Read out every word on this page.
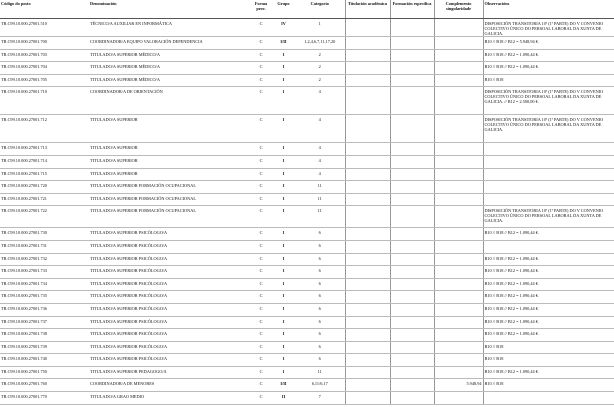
Código do posto	Denominación	Forma prov.	Grupo	Categoría	Titulación académica	Formación específica	Complemento singularidade	Observacións
TR.C99.10.000.27001.510	TÉCNICO/A AUXILIAR EN INFORMÁTICA	C	IV	1				DISPOSICIÓN TRANSITORIA 10ª (1ª PARTE) DO V CONVENIO COLECTIVO ÚNICO DO PERSOAL LABORAL DA XUNTA DE GALICIA.
TR.C99.10.000.27001.700	COORDINADOR/A EQUIPO VALORACIÓN DEPENDENCIA	C	I/II	1,2,4,6,7,11,17,20				B10 // B18 // B12 = 5.948,94 €.
TR.C99.10.000.27001.703	TITULADO/A SUPERIOR MÉDICO/A	C	I	2				B10 // B18 // B12 = 1.090,44 €.
TR.C99.10.000.27001.704	TITULADO/A SUPERIOR MÉDICO/A	C	I	2				B10 // B18 // B12 = 1.090,44 €.
TR.C99.10.000.27001.705	TITULADO/A SUPERIOR MÉDICO/A	C	I	2				B10 // B18
TR.C99.10.000.27001.710	COORDINADOR/A DE ORIENTACIÓN	C	I	4				DISPOSICIÓN TRANSITORIA 10ª (1ª PARTE) DO V CONVENIO COLECTIVO ÚNICO DO PERSOAL LABORAL DA XUNTA DE GALICIA. // B12 = 2.500,00 €.
TR.C99.10.000.27001.712	TITULADO/A SUPERIOR	C	I	4				DISPOSICIÓN TRANSITORIA 10ª (1ª PARTE) DO V CONVENIO COLECTIVO ÚNICO DO PERSOAL LABORAL DA XUNTA DE GALICIA.
TR.C99.10.000.27001.713	TITULADO/A SUPERIOR	C	I	4				
TR.C99.10.000.27001.714	TITULADO/A SUPERIOR	C	I	4				
TR.C99.10.000.27001.715	TITULADO/A SUPERIOR	C	I	4				
TR.C99.10.000.27001.720	TITULADO/A SUPERIOR FORMACIÓN OCUPACIONAL	C	I	11				
TR.C99.10.000.27001.721	TITULADO/A SUPERIOR FORMACIÓN OCUPACIONAL	C	I	11				
TR.C99.10.000.27001.722	TITULADO/A SUPERIOR FORMACIÓN OCUPACIONAL	C	I	11				DISPOSICIÓN TRANSITORIA 10ª (1ª PARTE) DO V CONVENIO COLECTIVO ÚNICO DO PERSOAL LABORAL DA XUNTA DE GALICIA.
TR.C99.10.000.27001.730	TITULADO/A SUPERIOR PSICÓLOGO/A	C	I	6				B10 // B18 // B12 = 1.090,44 €.
TR.C99.10.000.27001.731	TITULADO/A SUPERIOR PSICÓLOGO/A	C	I	6				
TR.C99.10.000.27001.732	TITULADO/A SUPERIOR PSICÓLOGO/A	C	I	6				B10 // B18 // B12 = 1.090,44 €.
TR.C99.10.000.27001.733	TITULADO/A SUPERIOR PSICÓLOGO/A	C	I	6				B10 // B18 // B12 = 1.090,44 €.
TR.C99.10.000.27001.734	TITULADO/A SUPERIOR PSICÓLOGO/A	C	I	6				B10 // B18 // B12 = 1.090,44 €.
TR.C99.10.000.27001.735	TITULADO/A SUPERIOR PSICÓLOGO/A	C	I	6				B10 // B18 // B12 = 1.090,44 €.
TR.C99.10.000.27001.736	TITULADO/A SUPERIOR PSICÓLOGO/A	C	I	6				B10 // B18 // B12 = 1.090,44 €.
TR.C99.10.000.27001.737	TITULADO/A SUPERIOR PSICÓLOGO/A	C	I	6				B10 // B18 // B12 = 1.090,44 €.
TR.C99.10.000.27001.738	TITULADO/A SUPERIOR PSICÓLOGO/A	C	I	6				B10 // B18 // B12 = 1.090,44 €.
TR.C99.10.000.27001.739	TITULADO/A SUPERIOR PSICÓLOGO/A	C	I	6				B10 // B18
TR.C99.10.000.27001.740	TITULADO/A SUPERIOR PSICÓLOGO/A	C	I	6				B10 // B18
TR.C99.10.000.27001.750	TITULADO/A SUPERIOR PEDAGOGO/A	C	I	11				B10 // B18 // B12 = 1.090,44 €.
TR.C99.10.000.27001.760	COORDINADOR/A DE MENORES	C	I/II	6,11/6,17			5.948,94	B10 // B18
TR.C99.10.000.27001.770	TITULADO/A GRAO MEDIO	C	II	7				
